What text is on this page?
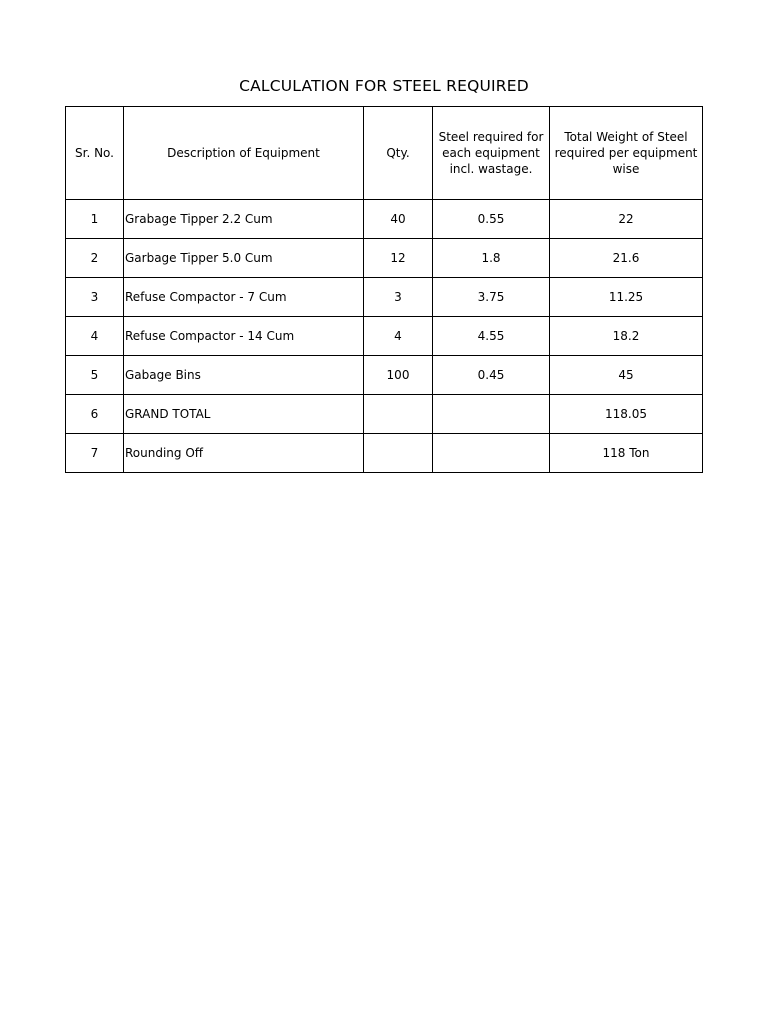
CALCULATION FOR STEEL REQUIRED
Sr. No.	Description of Equipment	Qty.	Steel required for each equipment incl. wastage.	Total Weight of Steel required per equipment wise
1	Grabage Tipper 2.2 Cum	40	0.55	22
2	Garbage Tipper 5.0 Cum	12	1.8	21.6
3	Refuse Compactor - 7 Cum	3	3.75	11.25
4	Refuse Compactor - 14 Cum	4	4.55	18.2
5	Gabage Bins	100	0.45	45
6	GRAND TOTAL			118.05
7	Rounding Off			118 Ton
